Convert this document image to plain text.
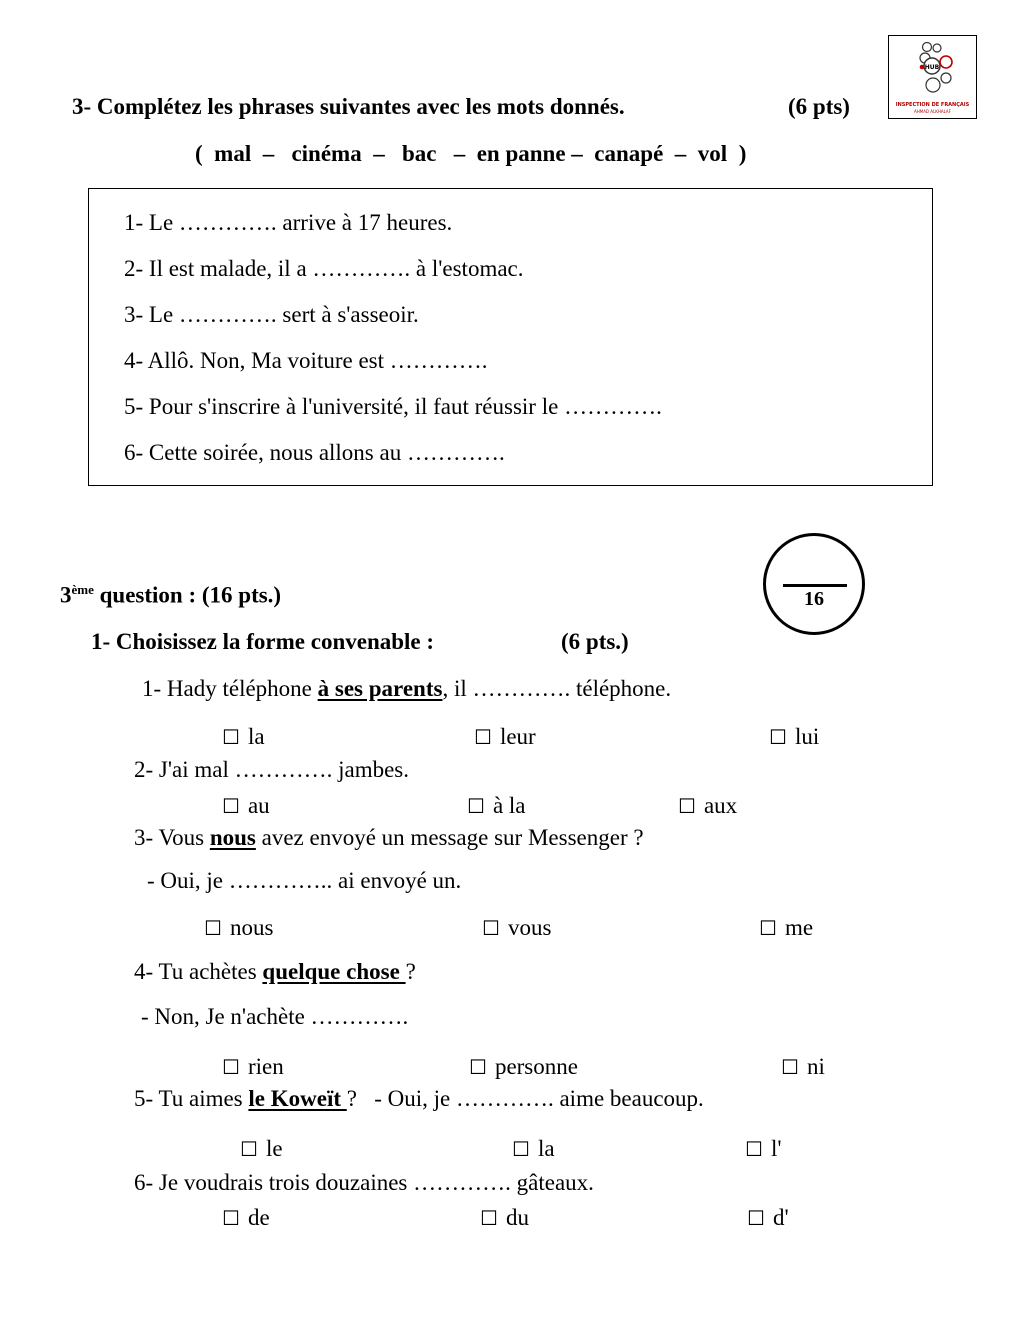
HUB
INSPECTION DE FRANÇAIS
AHMAD ALKHALAF
3- Complétez les phrases suivantes avec les mots donnés.	(6 pts)
(  mal  –   cinéma  –   bac   –  en panne –  canapé  –  vol  )
1- Le …………. arrive à 17 heures.
2- Il est malade, il a …………. à l'estomac.
3- Le …………. sert à s'asseoir.
4- Allô. Non, Ma voiture est ………….
5- Pour s'inscrire à l'université, il faut réussir le ………….
6- Cette soirée, nous allons au ………….
16
3ème question : (16 pts.)
1- Choisissez la forme convenable :	(6 pts.)
1- Hady téléphone à ses parents, il …………. téléphone.
☐ la	☐ leur	☐ lui
2- J'ai mal …………. jambes.
☐ au	☐ à la	☐ aux
3- Vous nous avez envoyé un message sur Messenger ?
- Oui, je ………….. ai envoyé un.
☐ nous	☐ vous	☐ me
4- Tu achètes quelque chose ?
- Non, Je n'achète ………….
☐ rien	☐ personne	☐ ni
5- Tu aimes le Koweït ?   - Oui, je …………. aime beaucoup.
☐ le	☐ la	☐ l'
6- Je voudrais trois douzaines …………. gâteaux.
☐ de	☐ du	☐ d'
